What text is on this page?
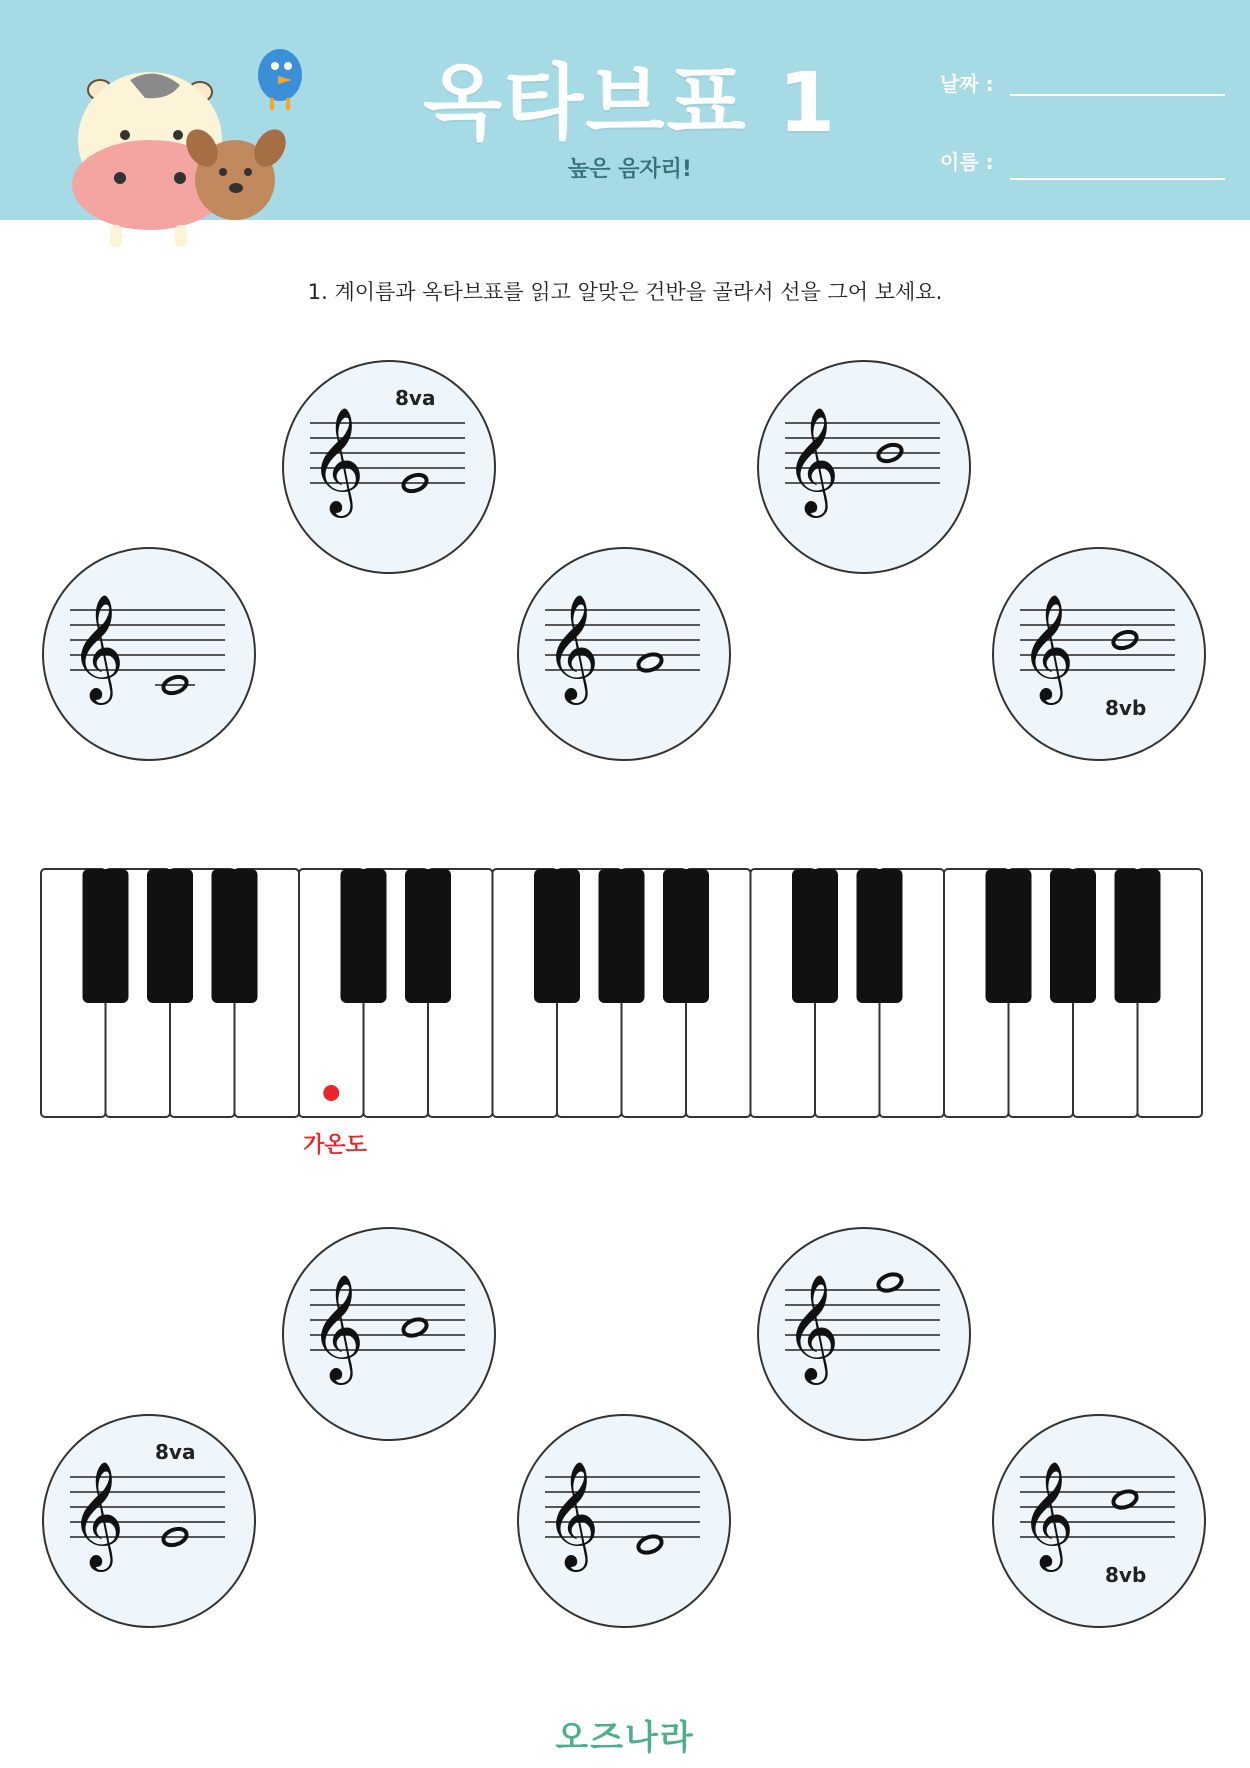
옥타브표 1
높은 음자리!
날짜 :
이름 :
1. 계이름과 옥타브표를 읽고 알맞은 건반을 골라서 선을 그어 보세요.
𝄞
8va
𝄞
𝄞	𝄞	𝄞
8vb
𝄞
𝄞
8va
𝄞
𝄞	𝄞
8vb
가온도
오즈나라
